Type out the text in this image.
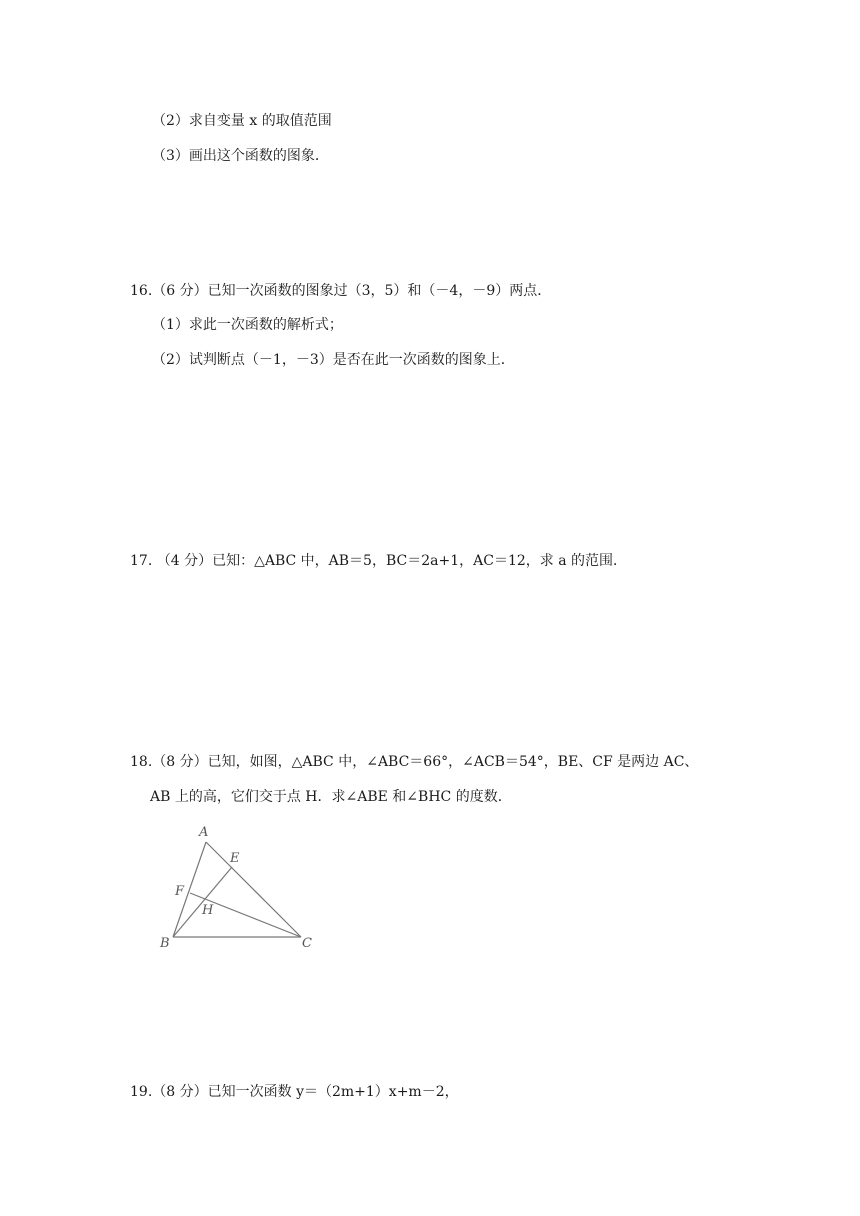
（2）求自变量 x 的取值范围
（3）画出这个函数的图象．
16.（6 分）已知一次函数的图象过（3，5）和（－4，－9）两点．
（1）求此一次函数的解析式；
（2）试判断点（－1，－3）是否在此一次函数的图象上．
17. （4 分）已知：△ABC 中，AB＝5，BC＝2a+1，AC＝12，求 a 的范围．
18.（8 分）已知，如图，△ABC 中，∠ABC＝66°，∠ACB＝54°，BE、CF 是两边 AC、
AB 上的高，它们交于点 H．求∠ABE 和∠BHC 的度数．
A
E
F
H
B	C
19.（8 分）已知一次函数 y＝（2m+1）x+m－2，
